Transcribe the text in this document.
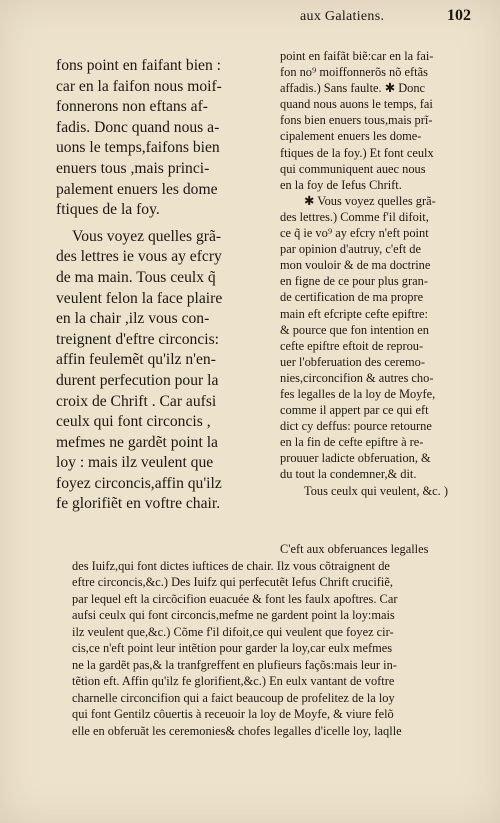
aux Galatiens.	102
fons point en faifant bien :
car en la faifon nous moif-
fonnerons non eftans af-
fadis. Donc quand nous a-
uons le temps,faifons bien
enuers tous ,mais princi-
palement enuers les dome
ftiques de la foy.
Vous voyez quelles grã-
des lettres ie vous ay efcry
de ma main. Tous ceulx q̃
veulent felon la face plaire
en la chair ,ilz vous con-
treignent d'eftre circoncis:
affin feulemẽt qu'ilz n'en-
durent perfecution pour la
croix de Chrift . Car aufsi
ceulx qui font circoncis ,
mefmes ne gardẽt point la
loy : mais ilz veulent que
foyez circoncis,affin qu'ilz
fe glorifiẽt en voftre chair.
point en faifãt biẽ:car en la fai-
fon no⁹ moiffonnerõs nõ eftãs
affadis.) Sans faulte. ✱ Donc
quand nous auons le temps, fai
fons bien enuers tous,mais prĩ-
cipalement enuers les dome-
ftiques de la foy.) Et font ceulx
qui communiquent auec nous
en la foy de Iefus Chrift.
✱ Vous voyez quelles grã-
des lettres.) Comme f'il difoit,
ce q̃ ie vo⁹ ay efcry n'eft point
par opinion d'autruy, c'eft de
mon vouloir & de ma doctrine
en figne de ce pour plus gran-
de certification de ma propre
main eft efcripte cefte epiftre:
& pource que fon intention en
cefte epiftre eftoit de reprou-
uer l'obferuation des ceremo-
nies,circoncifion & autres cho-
fes legalles de la loy de Moyfe,
comme il appert par ce qui eft
dict cy deffus: pource retourne
en la fin de cefte epiftre à re-
prouuer ladicte obferuation, &
du tout la condemner,& dit.
Tous ceulx qui veulent, &c. )
C'eft aux obferuances legalles
des Iuifz,qui font dictes iuftices de chair. Ilz vous cõtraignent de
eftre circoncis,&c.) Des Iuifz qui perfecutẽt Iefus Chrift crucifiẽ,
par lequel eft la circõcifion euacuée & font les faulx apoftres. Car
aufsi ceulx qui font circoncis,mefme ne gardent point la loy:mais
ilz veulent que,&c.) Cõme f'il difoit,ce qui veulent que foyez cir-
cis,ce n'eft point leur intẽtion pour garder la loy,car eulx mefmes
ne la gardẽt pas,& la tranfgreffent en plufieurs façõs:mais leur in-
tẽtion eft. Affin qu'ilz fe glorifient,&c.) En eulx vantant de voftre
charnelle circoncifion qui a faict beaucoup de profelitez de la loy
qui font Gentilz côuertis à receuoir la loy de Moyfe, & viure felõ
elle en obferuãt les ceremonies& chofes legalles d'icelle loy, laqlle
